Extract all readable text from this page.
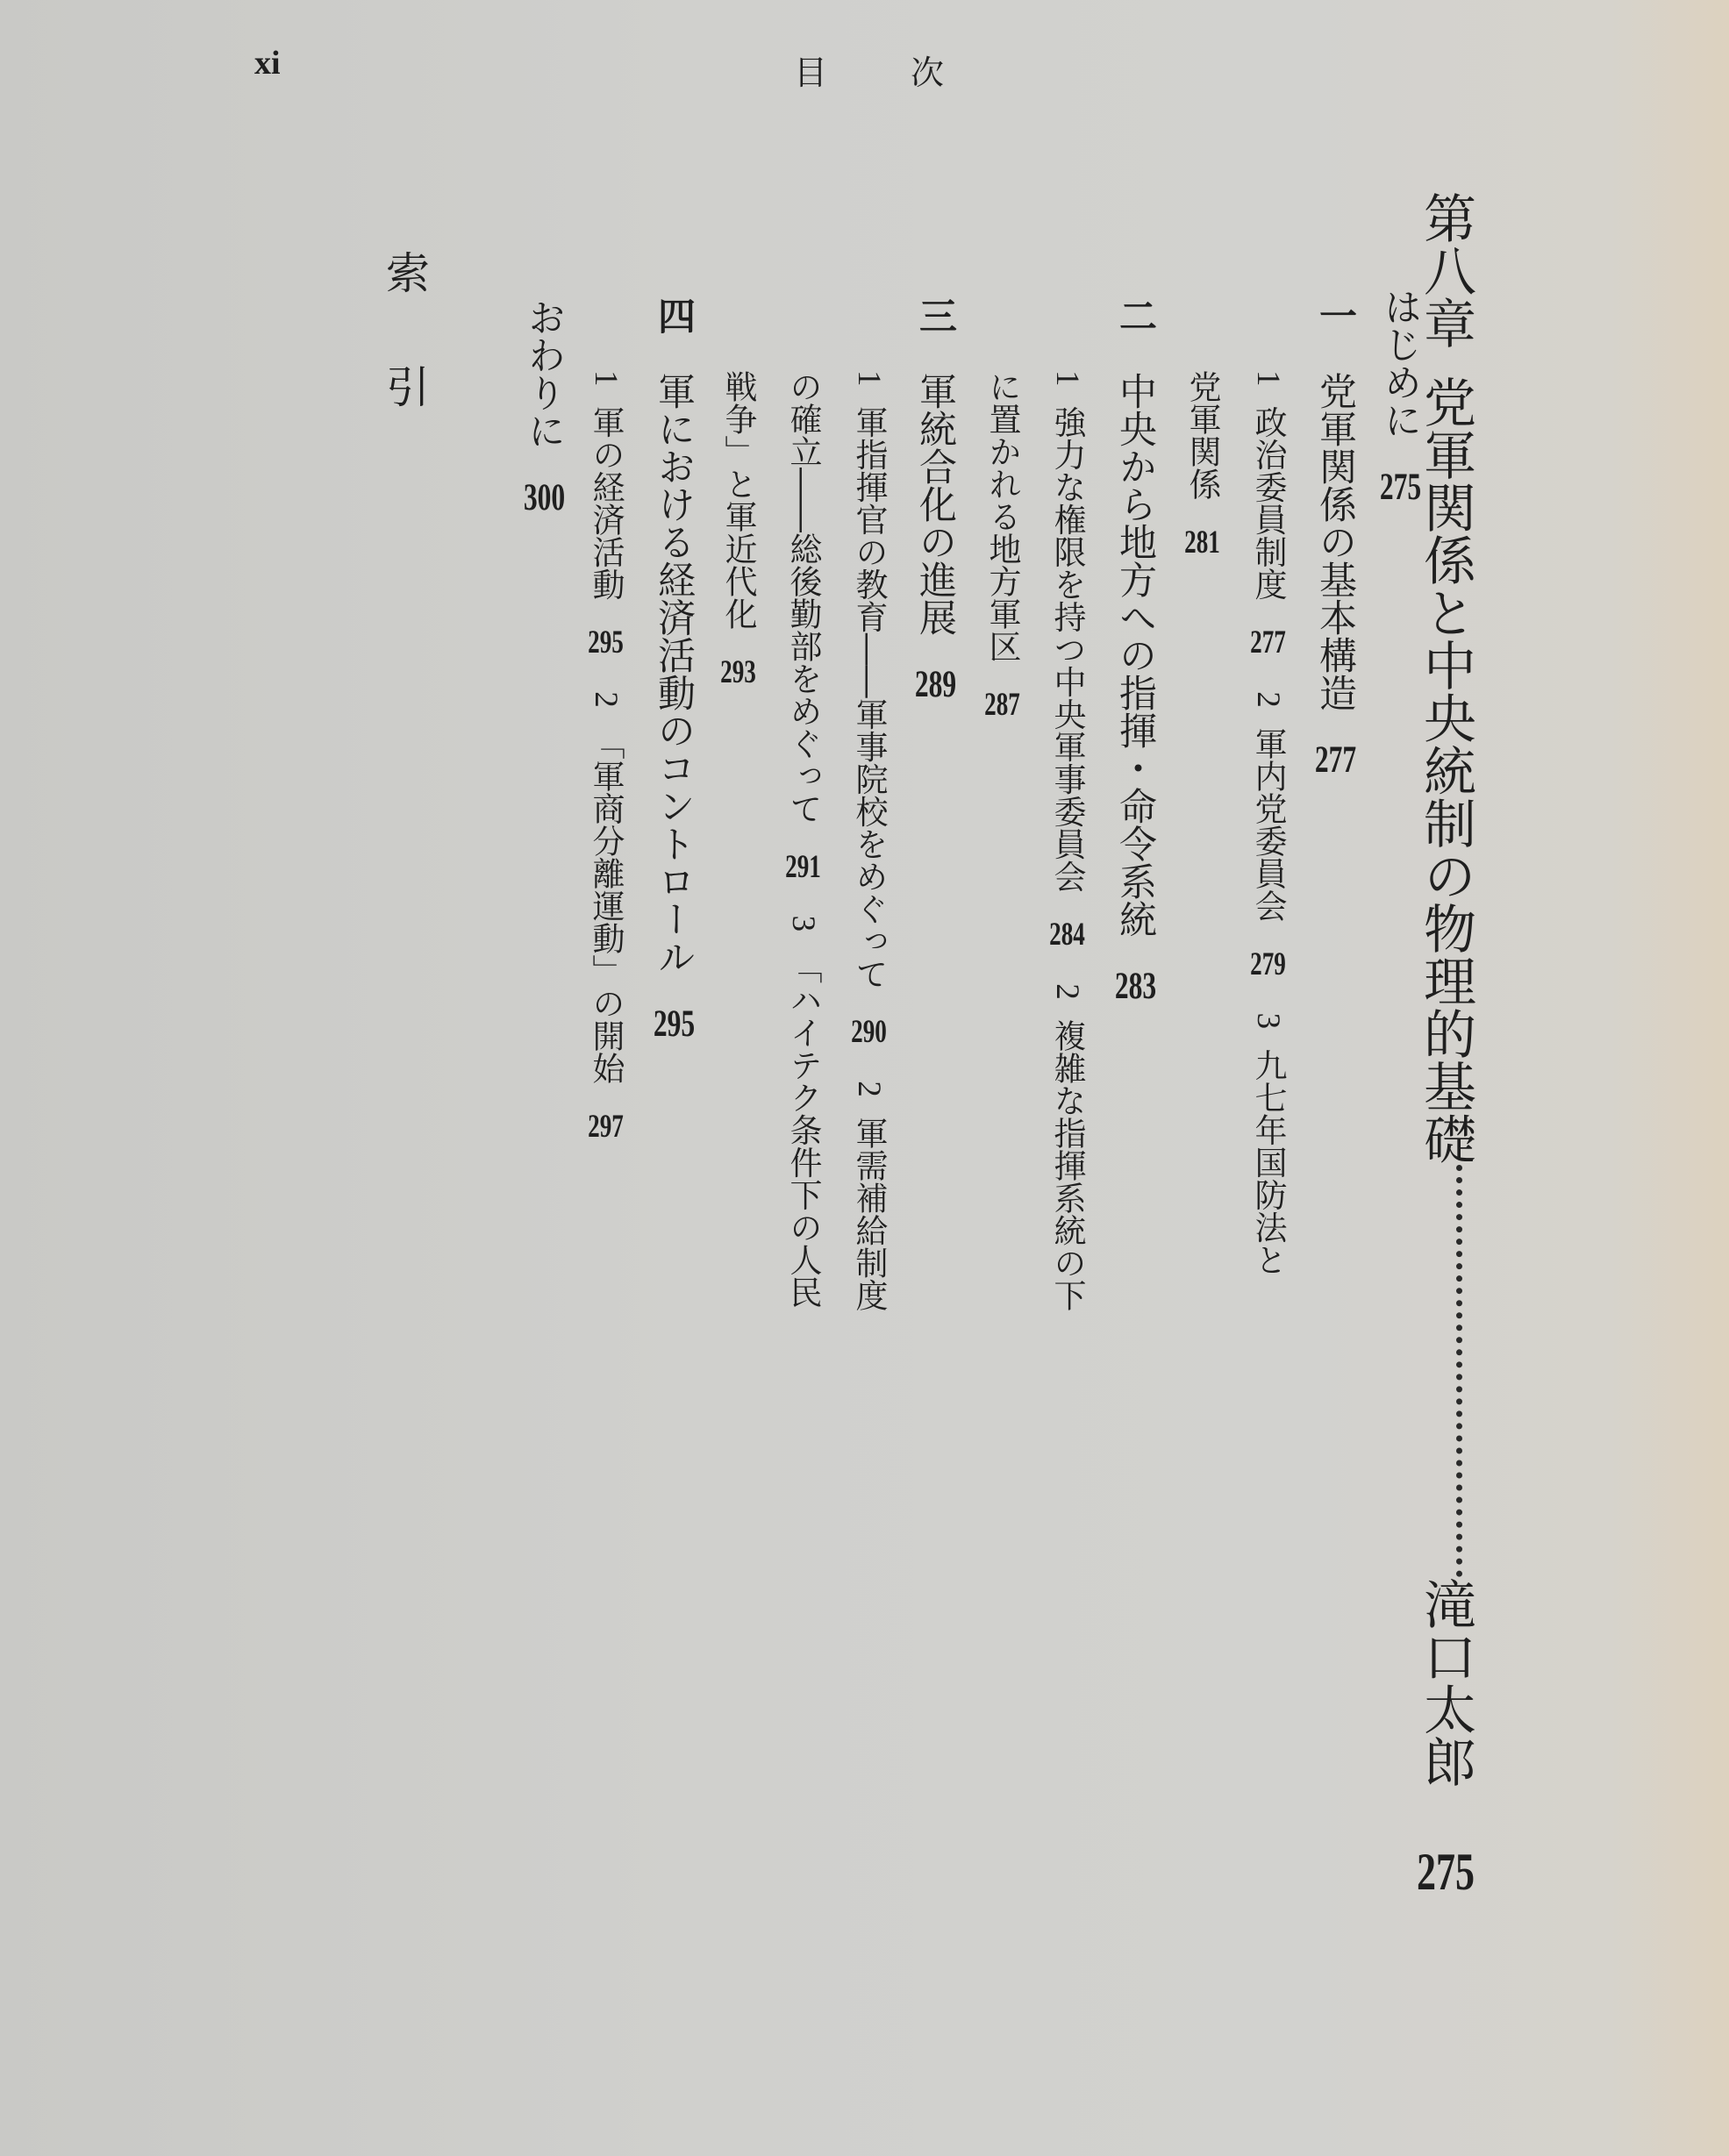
xi	目 次
第八章党軍関係と中央統制の物理的基礎滝口太郎275
はじめに275
一党軍関係の基本構造277
1政治委員制度2772軍内党委員会2793九七年国防法と
党軍関係281
二中央から地方への指揮・命令系統283
1強力な権限を持つ中央軍事委員会2842複雑な指揮系統の下
に置かれる地方軍区287
三軍統合化の進展289
1軍指揮官の教育――軍事院校をめぐって2902軍需補給制度
の確立――総後勤部をめぐって2913「ハイテク条件下の人民
戦争」と軍近代化293
四軍における経済活動のコントロール295
1軍の経済活動2952「軍商分離運動」の開始297
おわりに300
索引
